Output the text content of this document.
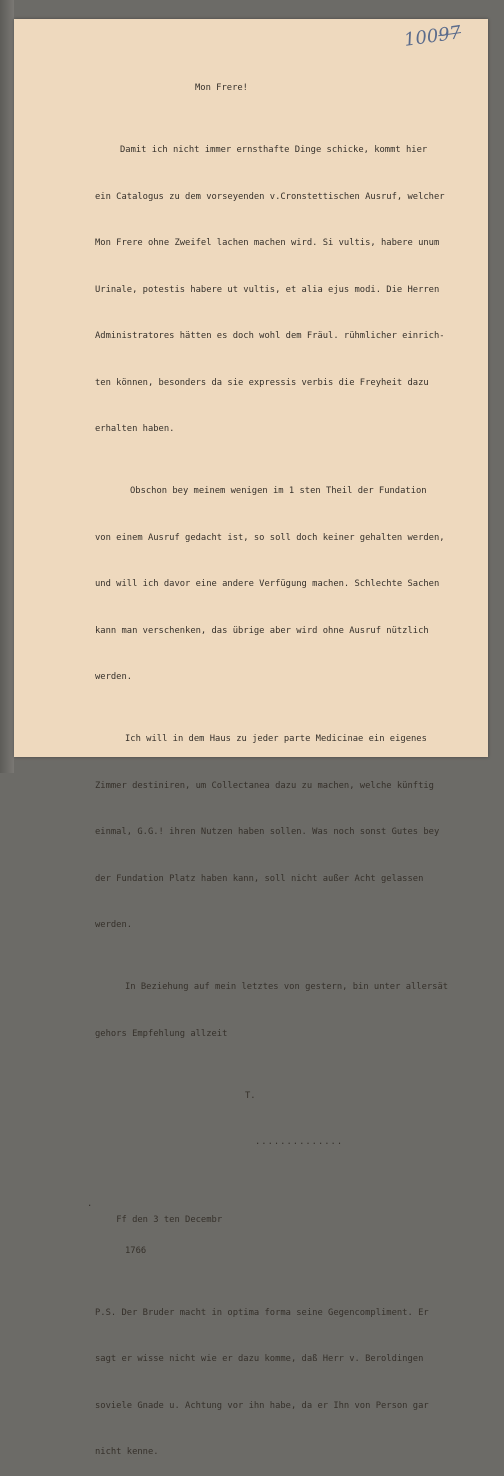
10097

Mon Frere!

Damit ich nicht immer ernsthafte Dinge schicke, kommt hier

ein Catalogus zu dem vorseyenden v.Cronstettischen Ausruf, welcher

Mon Frere ohne Zweifel lachen machen wird. Si vultis, habere unum

Urinale, potestis habere ut vultis, et alia ejus modi. Die Herren

Administratores hätten es doch wohl dem Fräul. rühmlicher einrich-

ten können, besonders da sie expressis verbis die Freyheit dazu

erhalten haben.

Obschon bey meinem wenigen im 1 sten Theil der Fundation

von einem Ausruf gedacht ist, so soll doch keiner gehalten werden,

und will ich davor eine andere Verfügung machen. Schlechte Sachen

kann man verschenken, das übrige aber wird ohne Ausruf nützlich

werden.

Ich will in dem Haus zu jeder parte Medicinae ein eigenes

Zimmer destiniren, um Collectanea dazu zu machen, welche künftig

einmal, G.G.! ihren Nutzen haben sollen. Was noch sonst Gutes bey

der Fundation Platz haben kann, soll nicht außer Acht gelassen

werden.

In Beziehung auf mein letztes von gestern, bin unter allersät

gehors Empfehlung allzeit

T.

..............

.
Ff den 3 ten Decembr

1766

P.S. Der Bruder macht in optima forma seine Gegencompliment. Er

sagt er wisse nicht wie er dazu komme, daß Herr v. Beroldingen

soviele Gnade u. Achtung vor ihn habe, da er Ihn von Person gar

nicht kenne.
